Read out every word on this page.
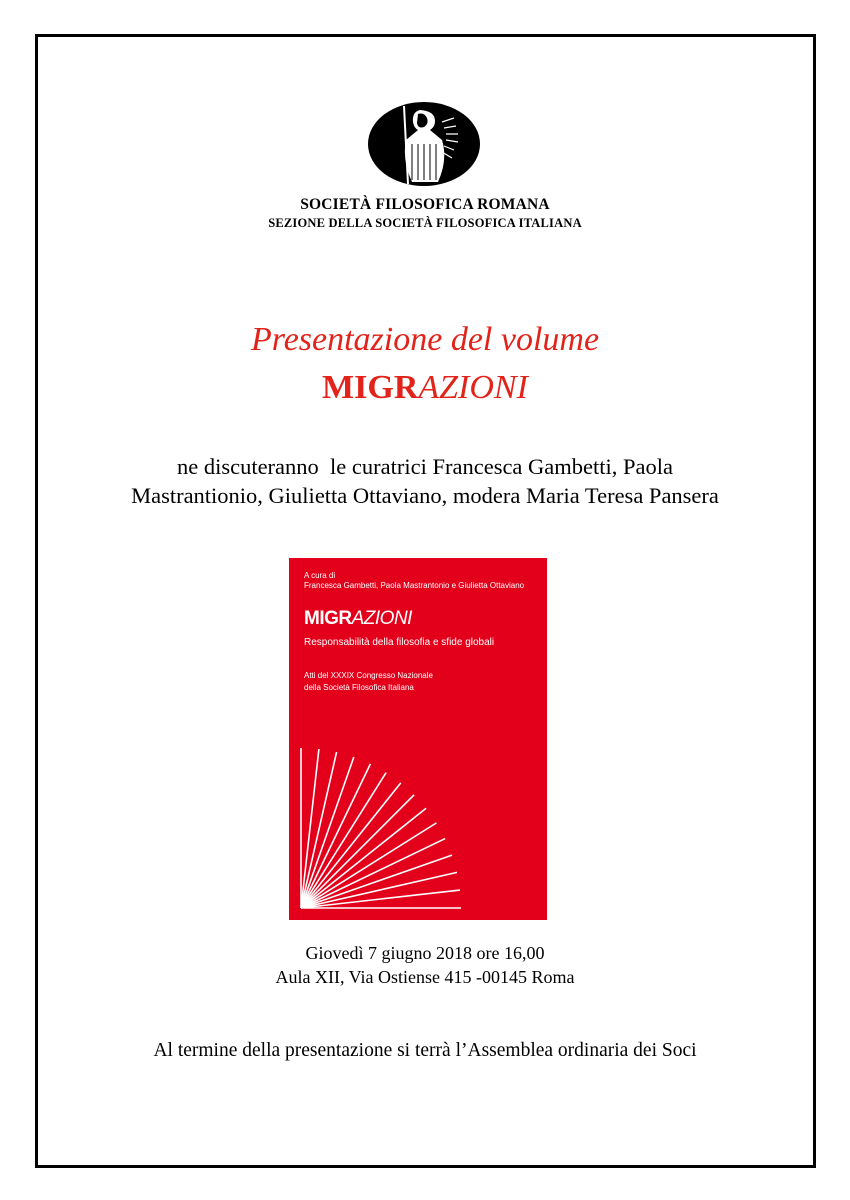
SOCIETÀ FILOSOFICA ROMANA
SEZIONE DELLA SOCIETÀ FILOSOFICA ITALIANA
Presentazione del volume
MIGRAZIONI
ne discuteranno  le curatrici Francesca Gambetti, Paola
Mastrantionio, Giulietta Ottaviano, modera Maria Teresa Pansera
A cura di
Francesca Gambetti, Paola Mastrantonio e Giulietta Ottaviano
MIGRAZIONI
Responsabilità della filosofia e sfide globali
Atti del XXXIX Congresso Nazionale
della Società Filosofica Italiana
Giovedì 7 giugno 2018 ore 16,00
Aula XII, Via Ostiense 415 -00145 Roma
Al termine della presentazione si terrà l’Assemblea ordinaria dei Soci
